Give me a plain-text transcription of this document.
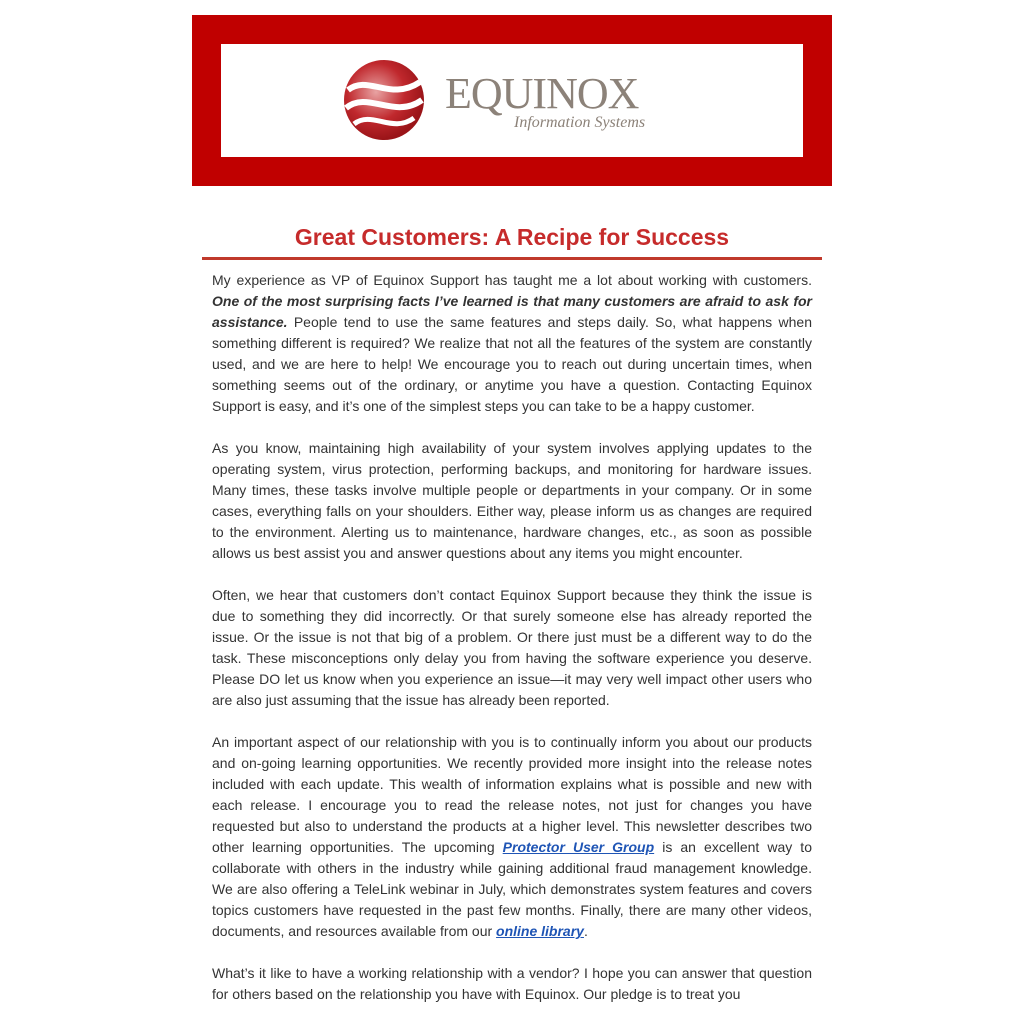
EQUINOX
Information Systems
Great Customers: A Recipe for Success

My experience as VP of Equinox Support has taught me a lot about working with customers. One of the most surprising facts I’ve learned is that many customers are afraid to ask for assistance. People tend to use the same features and steps daily. So, what happens when something different is required? We realize that not all the features of the system are constantly used, and we are here to help! We encourage you to reach out during uncertain times, when something seems out of the ordinary, or anytime you have a question. Contacting Equinox Support is easy, and it’s one of the simplest steps you can take to be a happy customer.

As you know, maintaining high availability of your system involves applying updates to the operating system, virus protection, performing backups, and monitoring for hardware issues. Many times, these tasks involve multiple people or departments in your company. Or in some cases, everything falls on your shoulders. Either way, please inform us as changes are required to the environment. Alerting us to maintenance, hardware changes, etc., as soon as possible allows us best assist you and answer questions about any items you might encounter.

Often, we hear that customers don’t contact Equinox Support because they think the issue is due to something they did incorrectly. Or that surely someone else has already reported the issue. Or the issue is not that big of a problem. Or there just must be a different way to do the task. These misconceptions only delay you from having the software experience you deserve. Please DO let us know when you experience an issue—it may very well impact other users who are also just assuming that the issue has already been reported.

An important aspect of our relationship with you is to continually inform you about our products and on-going learning opportunities. We recently provided more insight into the release notes included with each update. This wealth of information explains what is possible and new with each release. I encourage you to read the release notes, not just for changes you have requested but also to understand the products at a higher level. This newsletter describes two other learning opportunities. The upcoming Protector User Group is an excellent way to collaborate with others in the industry while gaining additional fraud management knowledge. We are also offering a TeleLink webinar in July, which demonstrates system features and covers topics customers have requested in the past few months. Finally, there are many other videos, documents, and resources available from our online library.

What’s it like to have a working relationship with a vendor? I hope you can answer that question for others based on the relationship you have with Equinox. Our pledge is to treat you
